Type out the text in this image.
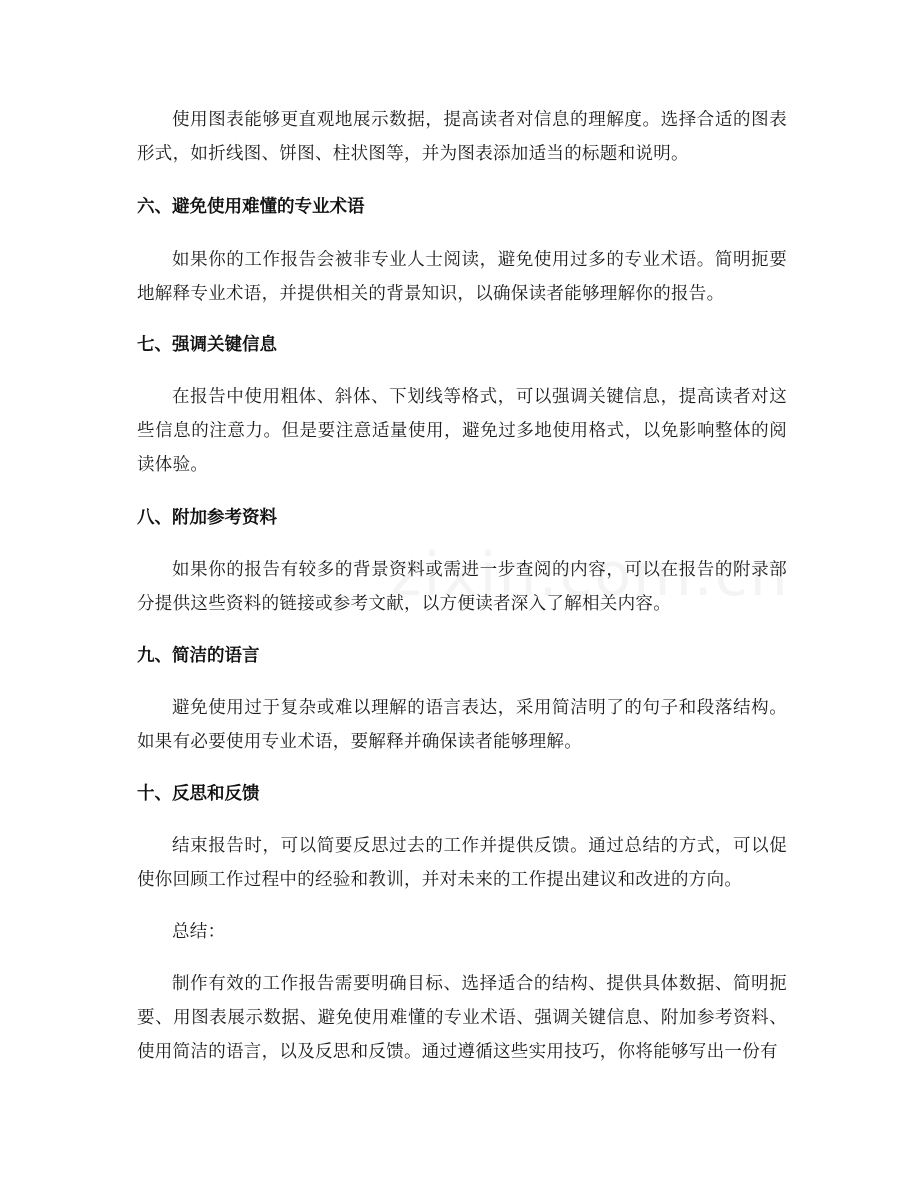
使用图表能够更直观地展示数据，提高读者对信息的理解度。选择合适的图表形式，如折线图、饼图、柱状图等，并为图表添加适当的标题和说明。

六、避免使用难懂的专业术语

如果你的工作报告会被非专业人士阅读，避免使用过多的专业术语。简明扼要地解释专业术语，并提供相关的背景知识，以确保读者能够理解你的报告。

七、强调关键信息

在报告中使用粗体、斜体、下划线等格式，可以强调关键信息，提高读者对这些信息的注意力。但是要注意适量使用，避免过多地使用格式，以免影响整体的阅读体验。

八、附加参考资料

如果你的报告有较多的背景资料或需进一步查阅的内容，可以在报告的附录部分提供这些资料的链接或参考文献，以方便读者深入了解相关内容。

九、简洁的语言

避免使用过于复杂或难以理解的语言表达，采用简洁明了的句子和段落结构。如果有必要使用专业术语，要解释并确保读者能够理解。

十、反思和反馈

结束报告时，可以简要反思过去的工作并提供反馈。通过总结的方式，可以促使你回顾工作过程中的经验和教训，并对未来的工作提出建议和改进的方向。

总结：

制作有效的工作报告需要明确目标、选择适合的结构、提供具体数据、简明扼要、用图表展示数据、避免使用难懂的专业术语、强调关键信息、附加参考资料、使用简洁的语言，以及反思和反馈。通过遵循这些实用技巧，你将能够写出一份有
